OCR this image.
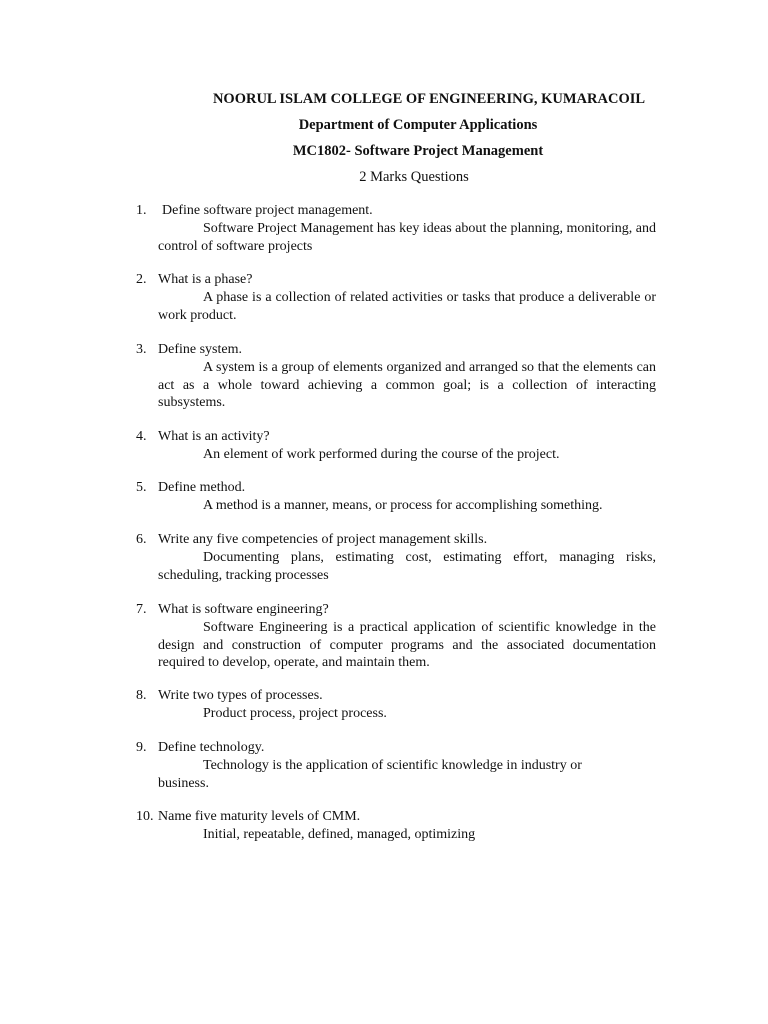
NOORUL ISLAM COLLEGE OF ENGINEERING, KUMARACOIL
Department of Computer Applications
MC1802- Software Project Management
2 Marks Questions
1. Define software project management.
Software Project Management has key ideas about the planning, monitoring, and control of software projects
2. What is a phase?
A phase is a collection of related activities or tasks that produce a deliverable or work product.
3. Define system.
A system is a group of elements organized and arranged so that the elements can act as a whole toward achieving a common goal; is a collection of interacting subsystems.
4. What is an activity?
An element of work performed during the course of the project.
5. Define method.
A method is a manner, means, or process for accomplishing something.
6. Write any five competencies of project management skills.
Documenting plans, estimating cost, estimating effort, managing risks, scheduling, tracking processes
7. What is software engineering?
Software Engineering is a practical application of scientific knowledge in the design and construction of computer programs and the associated documentation required to develop, operate, and maintain them.
8. Write two types of processes.
Product process, project process.
9. Define technology.
Technology is the application of scientific knowledge in industry or business.
10. Name five maturity levels of CMM.
Initial, repeatable, defined, managed, optimizing
